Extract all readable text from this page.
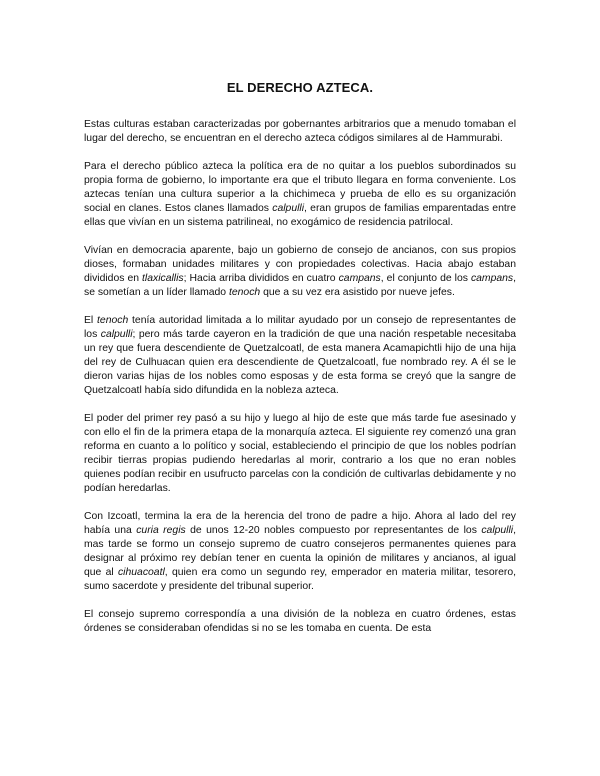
EL DERECHO AZTECA.

Estas culturas estaban caracterizadas por gobernantes arbitrarios que a menudo tomaban el lugar del derecho, se encuentran en el derecho azteca códigos similares al de Hammurabi.

Para el derecho público azteca la política era de no quitar a los pueblos subordinados su propia forma de gobierno, lo importante era que el tributo llegara en forma conveniente. Los aztecas tenían una cultura superior a la chichimeca y prueba de ello es su organización social en clanes. Estos clanes llamados calpulli, eran grupos de familias emparentadas entre ellas que vivían en un sistema patrilineal, no exogámico de residencia patrilocal.

Vivían en democracia aparente, bajo un gobierno de consejo de ancianos, con sus propios dioses, formaban unidades militares y con propiedades colectivas. Hacia abajo estaban divididos en tlaxicallis; Hacia arriba divididos en cuatro campans, el conjunto de los campans, se sometían a un líder llamado tenoch que a su vez era asistido por nueve jefes.

El tenoch tenía autoridad limitada a lo militar ayudado por un consejo de representantes de los calpulli; pero más tarde cayeron en la tradición de que una nación respetable necesitaba un rey que fuera descendiente de Quetzalcoatl, de esta manera Acamapichtli hijo de una hija del rey de Culhuacan quien era descendiente de Quetzalcoatl, fue nombrado rey. A él se le dieron varias hijas de los nobles como esposas y de esta forma se creyó que la sangre de Quetzalcoatl había sido difundida en la nobleza azteca.

El poder del primer rey pasó a su hijo y luego al hijo de este que más tarde fue asesinado y con ello el fin de la primera etapa de la monarquía azteca. El siguiente rey comenzó una gran reforma en cuanto a lo político y social, estableciendo el principio de que los nobles podrían recibir tierras propias pudiendo heredarlas al morir, contrario a los que no eran nobles quienes podían recibir en usufructo parcelas con la condición de cultivarlas debidamente y no podían heredarlas.

Con Izcoatl, termina la era de la herencia del trono de padre a hijo. Ahora al lado del rey había una curia regis de unos 12-20 nobles compuesto por representantes de los calpulli, mas tarde se formo un consejo supremo de cuatro consejeros permanentes quienes para designar al próximo rey debían tener en cuenta la opinión de militares y ancianos, al igual que al cihuacoatl, quien era como un segundo rey, emperador en materia militar, tesorero, sumo sacerdote y presidente del tribunal superior.

El consejo supremo correspondía a una división de la nobleza en cuatro órdenes, estas órdenes se consideraban ofendidas si no se les tomaba en cuenta. De esta
